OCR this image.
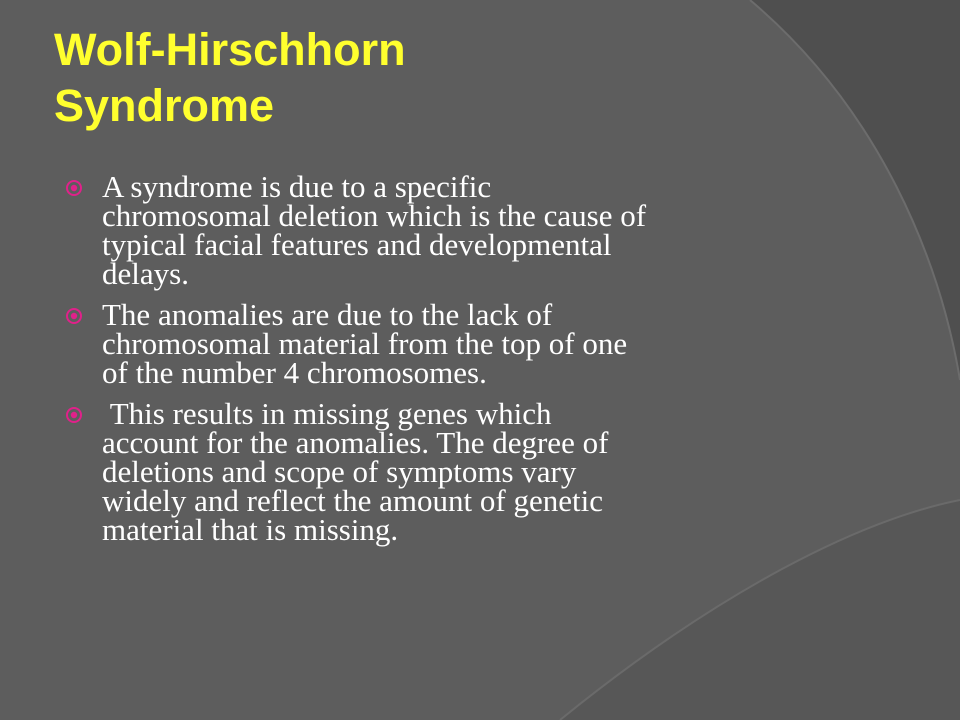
Wolf-Hirschhorn
Syndrome
A syndrome is due to a specific
chromosomal deletion which is the cause of
typical facial features and developmental
delays.
The anomalies are due to the lack of
chromosomal material from the top of one
of the number 4 chromosomes.
This results in missing genes which
account for the anomalies. The degree of
deletions and scope of symptoms vary
widely and reflect the amount of genetic
material that is missing.
